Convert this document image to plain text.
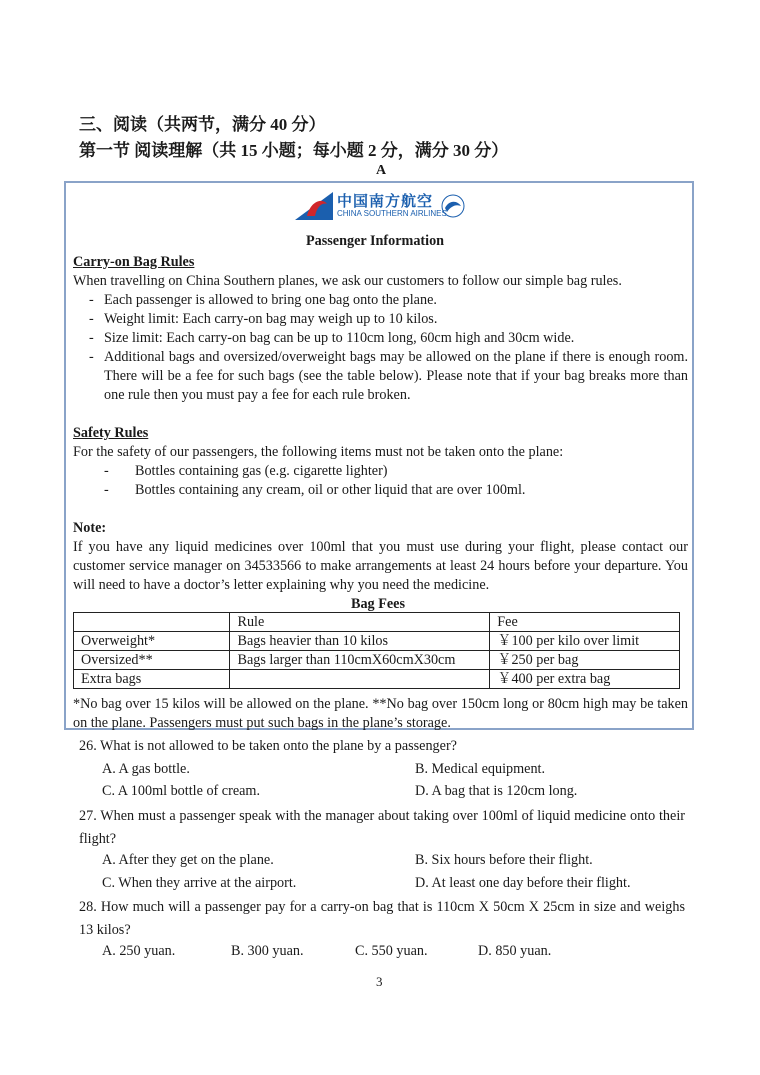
三、阅读（共两节，满分 40 分）
第一节 阅读理解（共 15 小题；每小题 2 分，满分 30 分）
A
中国南方航空
CHINA SOUTHERN AIRLINES
Passenger Information
Carry-on Bag Rules
When travelling on China Southern planes, we ask our customers to follow our simple bag rules.
- Each passenger is allowed to bring one bag onto the plane.
- Weight limit: Each carry-on bag may weigh up to 10 kilos.
- Size limit: Each carry-on bag can be up to 110cm long, 60cm high and 30cm wide.
- Additional bags and oversized/overweight bags may be allowed on the plane if there is enough room. There will be a fee for such bags (see the table below). Please note that if your bag breaks more than one rule then you must pay a fee for each rule broken.
Safety Rules
For the safety of our passengers, the following items must not be taken onto the plane:
- Bottles containing gas (e.g. cigarette lighter)
- Bottles containing any cream, oil or other liquid that are over 100ml.
Note:
If you have any liquid medicines over 100ml that you must use during your flight, please contact our customer service manager on 34533566 to make arrangements at least 24 hours before your departure. You will need to have a doctor’s letter explaining why you need the medicine.
Bag Fees
	Rule	Fee
Overweight*	Bags heavier than 10 kilos	￥100 per kilo over limit
Oversized**	Bags larger than 110cmX60cmX30cm	￥250 per bag
Extra bags		￥400 per extra bag
*No bag over 15 kilos will be allowed on the plane. **No bag over 150cm long or 80cm high may be taken on the plane. Passengers must put such bags in the plane’s storage.
26. What is not allowed to be taken onto the plane by a passenger?
A. A gas bottle.	B. Medical equipment.
C. A 100ml bottle of cream.	D. A bag that is 120cm long.
27. When must a passenger speak with the manager about taking over 100ml of liquid medicine onto their flight?
A. After they get on the plane.	B. Six hours before their flight.
C. When they arrive at the airport.	D. At least one day before their flight.
28. How much will a passenger pay for a carry-on bag that is 110cm X 50cm X 25cm in size and weighs 13 kilos?
A. 250 yuan.	B. 300 yuan.	C. 550 yuan.	D. 850 yuan.
3
